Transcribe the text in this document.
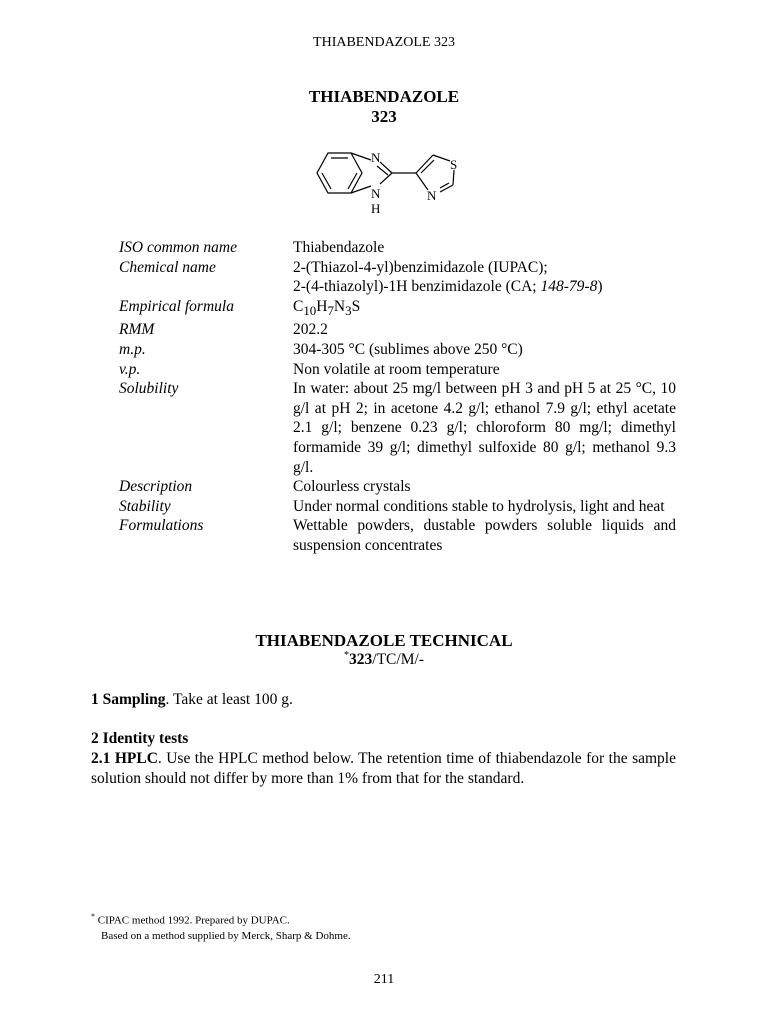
THIABENDAZOLE 323
THIABENDAZOLE
323
N
N
H
S
N
ISO common name	Thiabendazole
Chemical name	2-(Thiazol-4-yl)benzimidazole (IUPAC);
2-(4-thiazolyl)-1H benzimidazole (CA; 148-79-8)
Empirical formula	$C_{10}H_7N_3S$
RMM	202.2
m.p.	304-305 °C (sublimes above 250 °C)
v.p.	Non volatile at room temperature
Solubility	In water: about 25 mg/l between pH 3 and pH 5 at 25 °C, 10 g/l at pH 2; in acetone 4.2 g/l; ethanol 7.9 g/l; ethyl acetate 2.1 g/l; benzene 0.23 g/l; chloroform 80 mg/l; dimethyl formamide 39 g/l; dimethyl sulfoxide 80 g/l; methanol 9.3 g/l.
Description	Colourless crystals
Stability	Under normal conditions stable to hydrolysis, light and heat
Formulations	Wettable powders, dustable powders soluble liquids and suspension concentrates
THIABENDAZOLE TECHNICAL
*323/TC/M/-
1 Sampling. Take at least 100 g.
2 Identity tests
2.1 HPLC. Use the HPLC method below. The retention time of thiabendazole for the sample solution should not differ by more than 1% from that for the standard.
* CIPAC method 1992. Prepared by DUPAC.
Based on a method supplied by Merck, Sharp & Dohme.
211
